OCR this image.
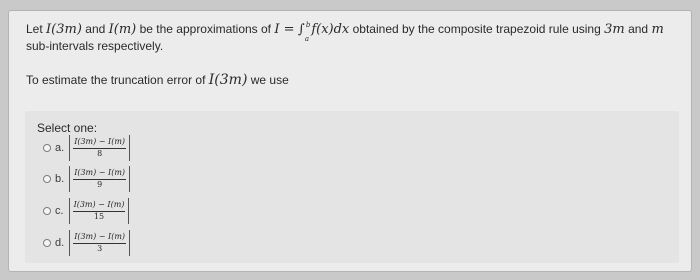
Let I(3m) and I(m) be the approximations of I = ∫ b
a
f(x)dx obtained by the composite trapezoid rule using 3m and m sub-intervals respectively.
To estimate the truncation error of I(3m) we use
Select one:
a. $\frac{I(3m) - I(m)}{8}$
b. $\frac{I(3m) - I(m)}{9}$
c. $\frac{I(3m) - I(m)}{15}$
d. $\frac{I(3m) - I(m)}{3}$
